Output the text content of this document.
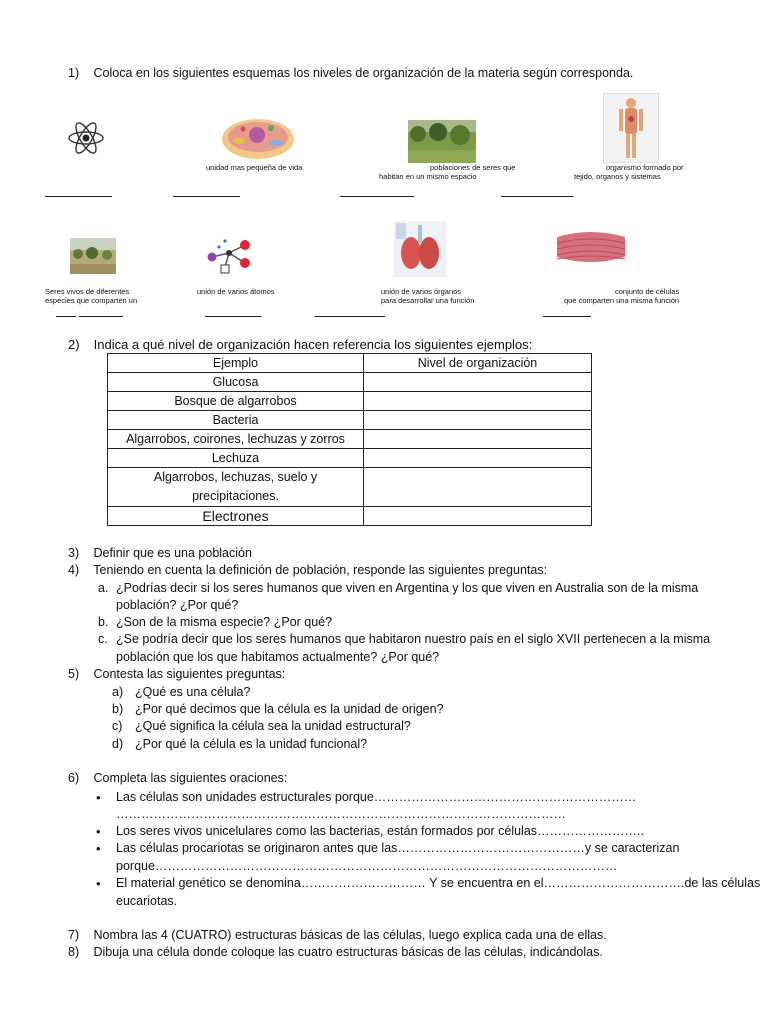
1) Coloca en los siguientes esquemas los niveles de organización de la materia según corresponda.
unidad mas pequeña de vida	poblaciones de seres que
habitan en un mismo espacio
organismo formado por
tejido, organos y sistemas
Seres vivos de diferentes
especies que comparten un
unión de varios átomos	unión de varios órganos
para desarrollar una función
conjunto de células
que comparten una misma función
2) Indica a qué nivel de organización hacen referencia los siguientes ejemplos:
Ejemplo	Nivel de organización
Glucosa	
Bosque de algarrobos	
Bacteria	
Algarrobos, coirones, lechuzas y zorros	
Lechuza	

Algarrobos, lechuzas, suelo y
precipitaciones.	

Electrones	
3) Definir que es una población
4) Teniendo en cuenta la definición de población, responde las siguientes preguntas:
a. ¿Podrías decir si los seres humanos que viven en Argentina y los que viven en Australia son de la misma
población? ¿Por qué?
b. ¿Son de la misma especie? ¿Por qué?
c. ¿Se podría decir que los seres humanos que habitaron nuestro país en el siglo XVII pertenecen a la misma
población que los que habitamos actualmente? ¿Por qué?
5) Contesta las siguientes preguntas:
a) ¿Qué es una célula?
b) ¿Por qué decimos que la célula es la unidad de origen?
c) ¿Qué significa la célula sea la unidad estructural?
d) ¿Por qué la célula es la unidad funcional?
6) Completa las siguientes oraciones:
• Las células son unidades estructurales porque………………………………………………………
………………………………………………………………………………………………
• Los seres vivos unicelulares como las bacterias, están formados por células……………………..
• Las células procariotas se originaron antes que las………………………………………y se caracterizan
porque…………………………………………………………………………………………………
• El material genético se denomina………………………… Y se encuentra en el…………………………….de las células
eucariotas.
7) Nombra las 4 (CUATRO) estructuras básicas de las células, luego explica cada una de ellas.
8) Dibuja una célula donde coloque las cuatro estructuras básicas de las células, indicándolas.
